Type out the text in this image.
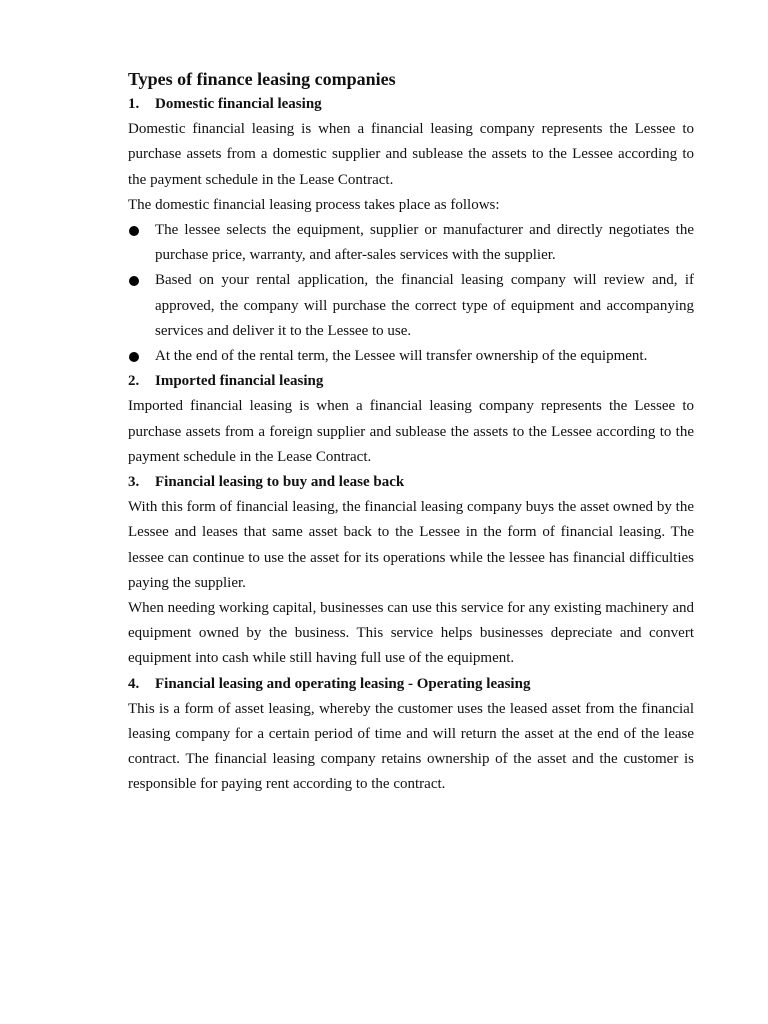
Types of finance leasing companies
1.	Domestic financial leasing

Domestic financial leasing is when a financial leasing company represents the Lessee to purchase assets from a domestic supplier and sublease the assets to the Lessee according to the payment schedule in the Lease Contract.

The domestic financial leasing process takes place as follows:

The lessee selects the equipment, supplier or manufacturer and directly negotiates the purchase price, warranty, and after-sales services with the supplier.
Based on your rental application, the financial leasing company will review and, if approved, the company will purchase the correct type of equipment and accompanying services and deliver it to the Lessee to use.
At the end of the rental term, the Lessee will transfer ownership of the equipment.
2.	Imported financial leasing

Imported financial leasing is when a financial leasing company represents the Lessee to purchase assets from a foreign supplier and sublease the assets to the Lessee according to the payment schedule in the Lease Contract.

3.	Financial leasing to buy and lease back

With this form of financial leasing, the financial leasing company buys the asset owned by the Lessee and leases that same asset back to the Lessee in the form of financial leasing. The lessee can continue to use the asset for its operations while the lessee has financial difficulties paying the supplier.

When needing working capital, businesses can use this service for any existing machinery and equipment owned by the business. This service helps businesses depreciate and convert equipment into cash while still having full use of the equipment.

4.	Financial leasing and operating leasing - Operating leasing

This is a form of asset leasing, whereby the customer uses the leased asset from the financial leasing company for a certain period of time and will return the asset at the end of the lease contract. The financial leasing company retains ownership of the asset and the customer is responsible for paying rent according to the contract.
